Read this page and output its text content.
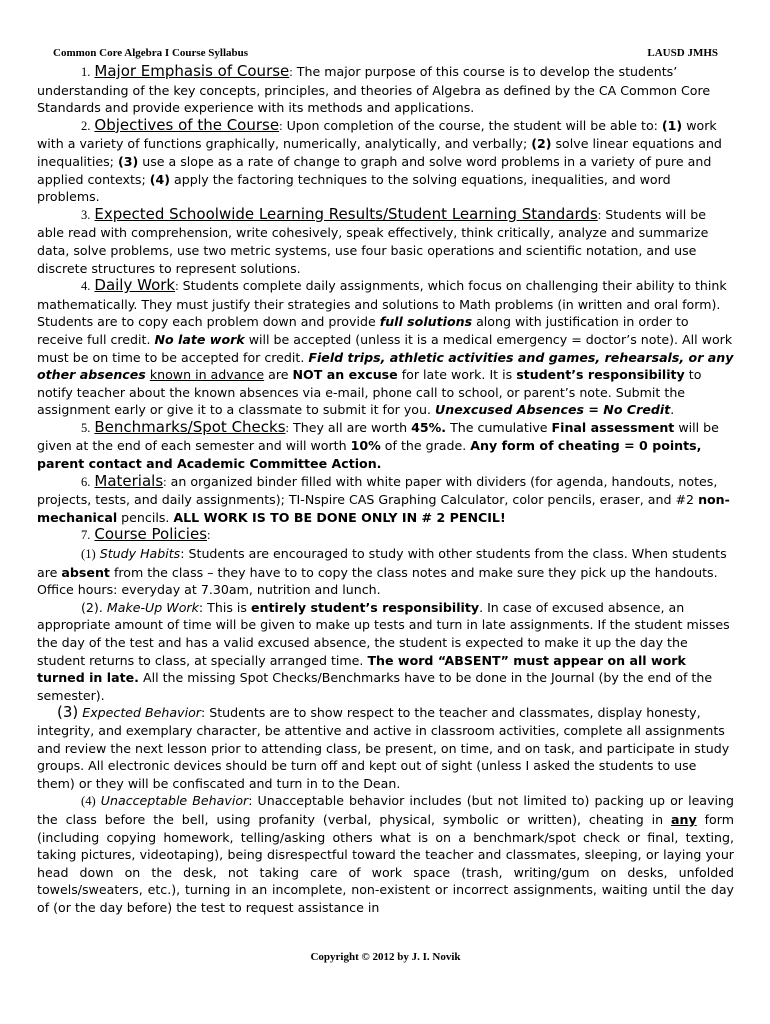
Common Core Algebra I Course Syllabus	LAUSD JMHS

1. Major Emphasis of Course: The major purpose of this course is to develop the students’ understanding of the key concepts, principles, and theories of Algebra as defined by the CA Common Core Standards and provide experience with its methods and applications.

2. Objectives of the Course: Upon completion of the course, the student will be able to: (1) work with a variety of functions graphically, numerically, analytically, and verbally; (2) solve linear equations and inequalities; (3) use a slope as a rate of change to graph and solve word problems in a variety of pure and applied contexts; (4) apply the factoring techniques to the solving equations, inequalities, and word problems.

3. Expected Schoolwide Learning Results/Student Learning Standards: Students will be able read with comprehension, write cohesively, speak effectively, think critically, analyze and summarize data, solve problems, use two metric systems, use four basic operations and scientific notation, and use discrete structures to represent solutions.

4. Daily Work: Students complete daily assignments, which focus on challenging their ability to think mathematically. They must justify their strategies and solutions to Math problems (in written and oral form). Students are to copy each problem down and provide full solutions along with justification in order to receive full credit. No late work will be accepted (unless it is a medical emergency = doctor’s note). All work must be on time to be accepted for credit. Field trips, athletic activities and games, rehearsals, or any other absences known in advance are NOT an excuse for late work. It is student’s responsibility to notify teacher about the known absences via e-mail, phone call to school, or parent’s note. Submit the assignment early or give it to a classmate to submit it for you. Unexcused Absences = No Credit.

5. Benchmarks/Spot Checks: They all are worth 45%. The cumulative Final assessment will be given at the end of each semester and will worth 10% of the grade. Any form of cheating = 0 points, parent contact and Academic Committee Action.

6. Materials: an organized binder filled with white paper with dividers (for agenda, handouts, notes, projects, tests, and daily assignments); TI-Nspire CAS Graphing Calculator, color pencils, eraser, and #2 non-mechanical pencils. ALL WORK IS TO BE DONE ONLY IN # 2 PENCIL!

7. Course Policies:

(1) Study Habits: Students are encouraged to study with other students from the class. When students are absent from the class – they have to to copy the class notes and make sure they pick up the handouts. Office hours: everyday at 7.30am, nutrition and lunch.

(2). Make-Up Work: This is entirely student’s responsibility. In case of excused absence, an appropriate amount of time will be given to make up tests and turn in late assignments. If the student misses the day of the test and has a valid excused absence, the student is expected to make it up the day the student returns to class, at specially arranged time. The word “ABSENT” must appear on all work turned in late. All the missing Spot Checks/Benchmarks have to be done in the Journal (by the end of the semester).

(3) Expected Behavior: Students are to show respect to the teacher and classmates, display honesty, integrity, and exemplary character, be attentive and active in classroom activities, complete all assignments and review the next lesson prior to attending class, be present, on time, and on task, and participate in study groups. All electronic devices should be turn off and kept out of sight (unless I asked the students to use them) or they will be confiscated and turn in to the Dean.

(4) Unacceptable Behavior: Unacceptable behavior includes (but not limited to) packing up or leaving the class before the bell, using profanity (verbal, physical, symbolic or written), cheating in any form (including copying homework, telling/asking others what is on a benchmark/spot check or final, texting, taking pictures, videotaping), being disrespectful toward the teacher and classmates, sleeping, or laying your head down on the desk, not taking care of work space (trash, writing/gum on desks, unfolded towels/sweaters, etc.), turning in an incomplete, non-existent or incorrect assignments, waiting until the day of (or the day before) the test to request assistance in

Copyright © 2012 by J. I. Novik
